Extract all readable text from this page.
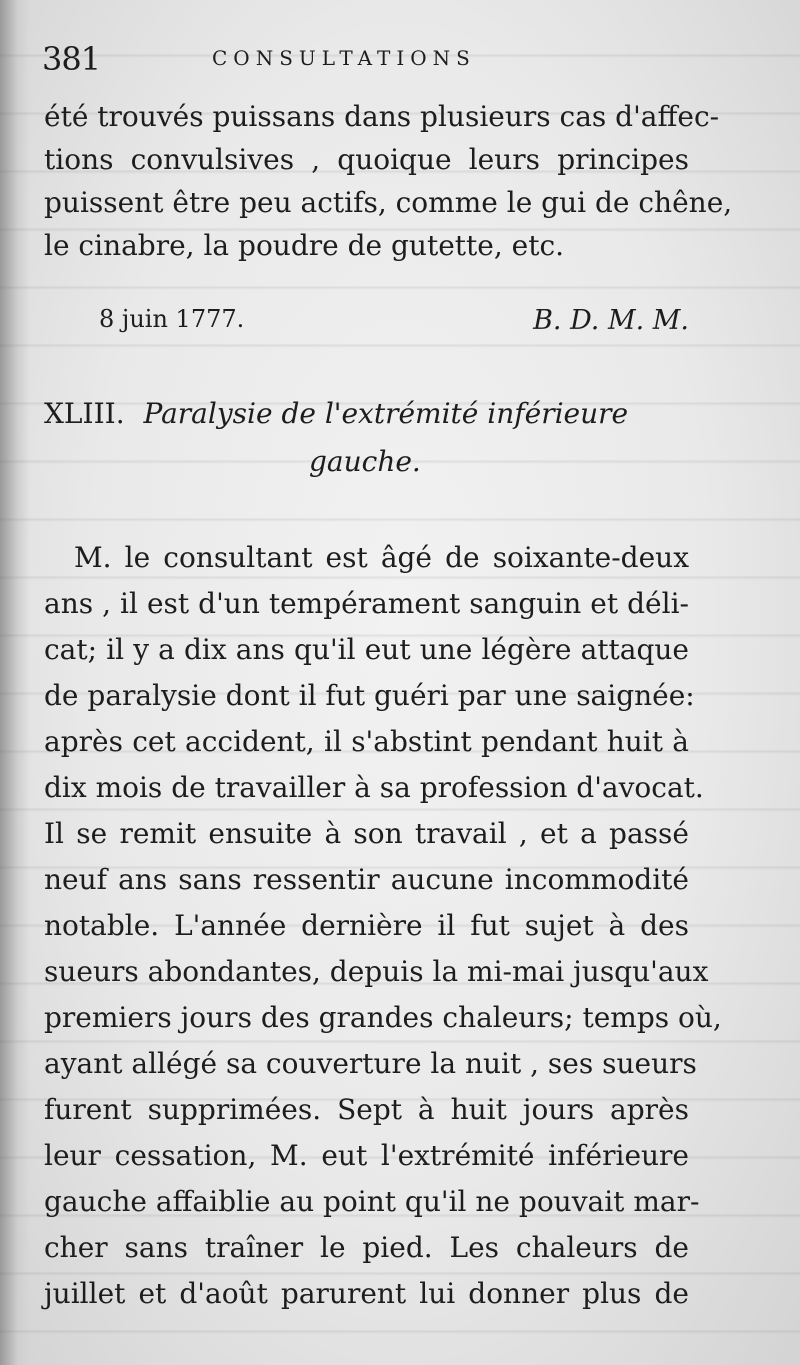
381	CONSULTATIONS
été trouvés puissans dans plusieurs cas d'affec-
tions convulsives , quoique leurs principes
puissent être peu actifs, comme le gui de chêne,
le cinabre, la poudre de gutette, etc.
8 juin 1777.	B. D. M. M.
XLIII. Paralysie de l'extrémité inférieure
gauche.
M. le consultant est âgé de soixante-deux
ans , il est d'un tempérament sanguin et déli-
cat; il y a dix ans qu'il eut une légère attaque
de paralysie dont il fut guéri par une saignée:
après cet accident, il s'abstint pendant huit à
dix mois de travailler à sa profession d'avocat.
Il se remit ensuite à son travail , et a passé
neuf ans sans ressentir aucune incommodité
notable. L'année dernière il fut sujet à des
sueurs abondantes, depuis la mi-mai jusqu'aux
premiers jours des grandes chaleurs; temps où,
ayant allégé sa couverture la nuit , ses sueurs
furent supprimées. Sept à huit jours après
leur cessation, M. eut l'extrémité inférieure
gauche affaiblie au point qu'il ne pouvait mar-
cher sans traîner le pied. Les chaleurs de
juillet et d'août parurent lui donner plus de
